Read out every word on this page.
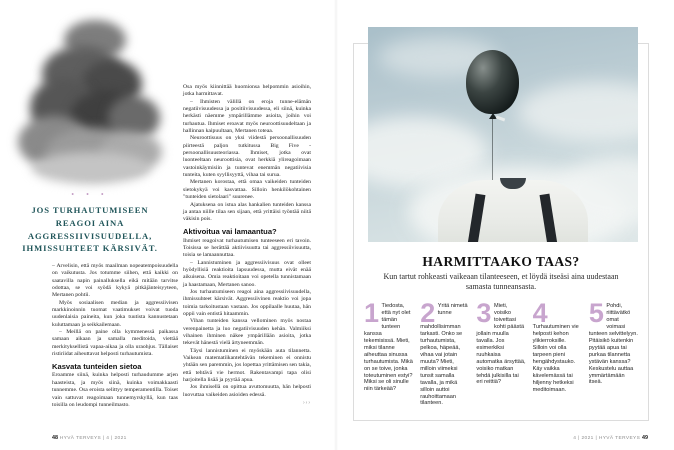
• • •
JOS TURHAUTUMISEEN REAGOI AINA AGGRESSIIVISUUDELLA, IHMISSUHTEET KÄRSIVÄT.

– Arvelisin, että myös maailman nopeatempoisuudella on vaikutusta. Jos totumme siihen, että kaikki on saatavilla napin painalluksella eikä mitään tarvitse odottaa, se voi syödä kykyä pitkäjänteisyyteen, Mertanen pohtii.

Myös sosiaalisen median ja aggressiivisen markkinoinnin tuomat vaatimukset voivat tuoda uudenlaisia paineita, kun joka tuutista kannustetaan kuluttamaan ja seikkailemaan.

– Meillä on paine olla kymmenessä paikassa samaan aikaan ja samalla meditoida, viettää merkityksellistä vapaa-aikaa ja olla uraohjus. Tällaiset ristiriidat aiheuttavat helposti turhautumista.

Kasvata tunteiden sietoa

Eroamme siinä, kuinka helposti turhaudumme arjen haasteista, ja myös siinä, kuinka voimakkaasti tunnemme. Osa eroista selittyy temperamentilla. Toiset vain sattuvat reagoimaan tunnemyrskyllä, kun taas toisilla on leudompi tunneilmasto.

Osa myös kiinnittää huomionsa helpommin asioihin, jotka harmittavat.

– Ihmisten välillä on eroja tunne-elämän negatiivisuudessa ja positiivisuudessa, eli siinä, kuinka herkästi näemme ympärillämme asioita, joihin voi turhautua. Ihmiset eroavat myös neuroottisuudeltaan ja hallinnan kaipuultaan, Mertanen toteaa.

Neuroottisuus on yksi viidestä persoonallisuuden piirteestä paljon tutkitussa Big Five -persoonallisuusteoriassa. Ihmiset, jotka ovat luonteeltaan neuroottisia, ovat herkkiä ylireagoimaan vastoinkäymisiin ja tuntevat enemmän negatiivisia tunteita, kuten syyllisyyttä, vihaa tai surua.

Mertanen korostaa, että omaa vaikeiden tunteiden sietokykyä voi kasvattaa. Silloin henkilökohtainen "tunteiden sietolaari" suurenee.

Ajatuksena on istua alas hankalien tunteiden kanssa ja antaa niille tilaa sen sijaan, että yrittäisi työntää niitä väkisin pois.

Aktivoitua vai lamaantua?

Ihmiset reagoivat turhautumisen tunteeseen eri tavoin. Toisissa se herättää aktiivisuutta tai aggressiivisuutta, toisia se lamaannuttaa.

– Lannistuminen ja aggressiivisuus ovat olleet hyödyllisiä reaktioita lapsuudessa, mutta eivät enää aikuisena. Omia reaktioitaan voi opetella tunnistamaan ja haastamaan, Mertanen sanoo.

Jos turhautumiseen reagoi aina aggressiivisuudella, ihmissuhteet kärsivät. Aggressiivinen reaktio voi jopa toimia tarkoitustaan vastaan. Jos oppilaalle huutaa, hän oppii vain entistä hitaammin.

Vihan tunteiden kanssa vellominen myös nostaa verenpainetta ja luo negatiivisuuden kehän. Valmiiksi vihainen ihminen näkee ympärillään asioita, jotka tekevät hänestä vielä ärtyneemmän.

Täysi lannistuminen ei myöskään auta tilannetta. Vaikean matematiikantehtävän tekeminen ei onnistu yhtään sen paremmin, jos lopettaa yrittämisen sen takia, että tehtävä vie hermot. Rakentavampi tapa olisi harjoitella lisää ja pyytää apua.

Jos ihmisellä on opittua avuttomuutta, hän helposti luovuttaa vaikeiden asioiden edessä.

›››
48 HYVÄ TERVEYS | 4 | 2021
HARMITTAAKO TAAS?
Kun tartut rohkeasti vaikeaan tilanteeseen, et löydä itseäsi aina uudestaan samasta tunneansasta.

1 Tiedosta, että nyt olet tämän tunteen kanssa tekemisissä. Mieti, miksi tilanne aiheuttaa sinussa turhautumista. Mikä on se toive, jonka toteutuminen estyi? Miksi se oli sinulle niin tärkeää?

2 Yritä nimetä tunne mahdollisimman tarkasti. Onko se turhautumista, pelkoa, häpeää, vihaa vai jotain muuta? Mieti, milloin viimeksi tunsit samalla tavalla, ja mikä silloin auttoi rauhoittamaan tilanteen.

3 Mieti, voisiko toivettasi kohti päästä jollain muulla tavalla. Jos esimerkiksi ruuhkaisa automatka ärsyttää, voisiko matkan tehdä julkisilla tai eri reittiä?

4
Turhautuminen vie helposti kehon ylikierroksille. Silloin voi olla tarpeen pieni hengähdystauko. Käy vaikka kävelemässä tai hiljenny hetkeksi meditoimaan.

5 Pohdi, riittävätkö omat voimasi tunteen selvittelyyn. Pitäisikö kuitenkin pyytää apua tai purkaa tilannetta ystävän kanssa? Keskustelu auttaa ymmärtämään itseä.

4 | 2021 | HYVÄ TERVEYS 49
